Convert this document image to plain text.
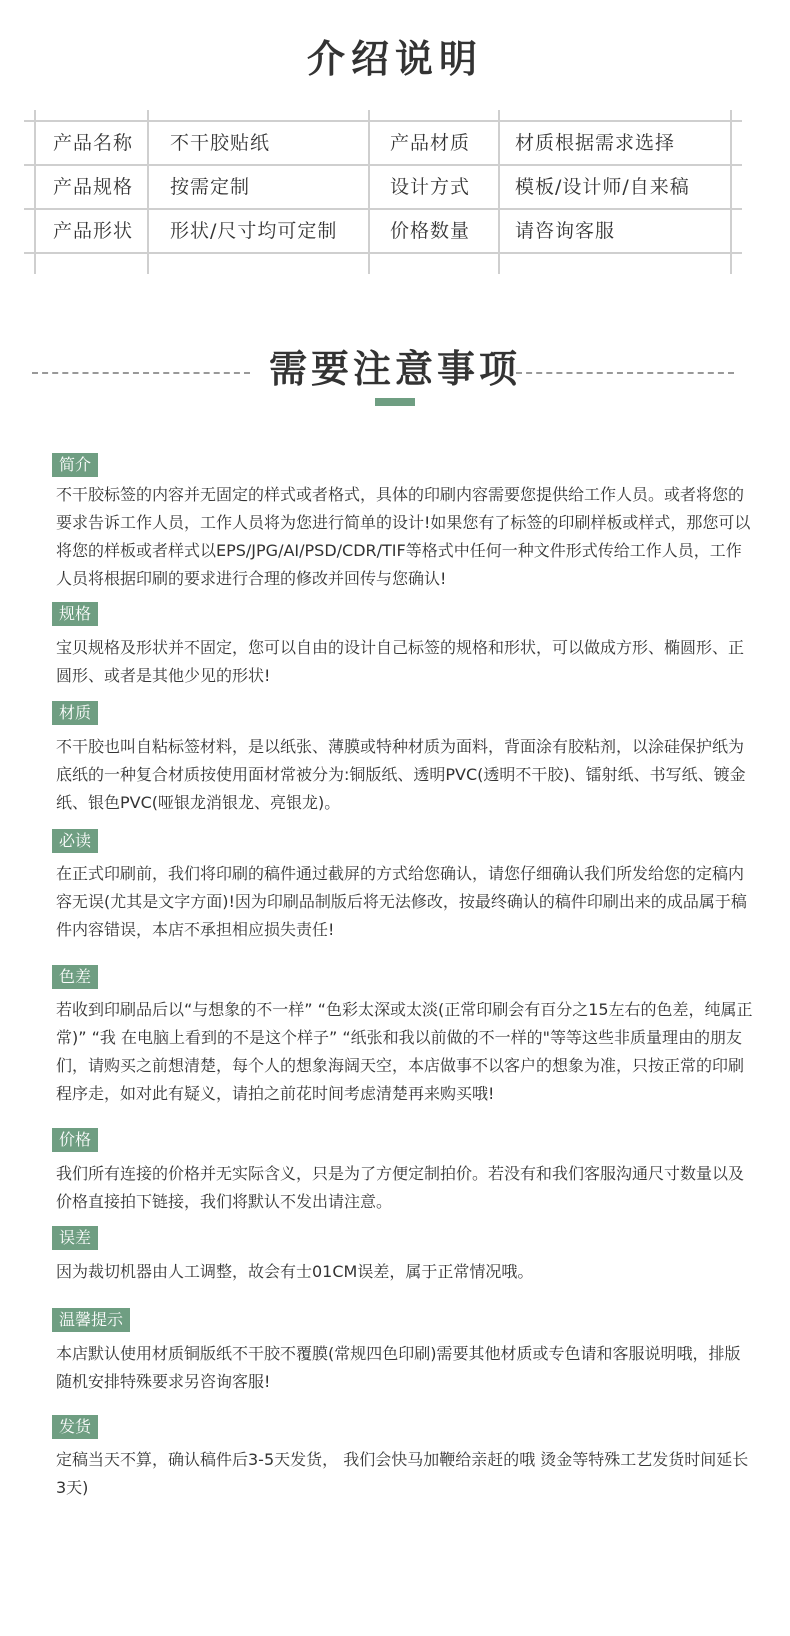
介绍说明
产品名称 不干胶贴纸	产品材质 材质根据需求选择
产品规格 按需定制	设计方式 模板/设计师/自来稿
产品形状 形状/尺寸均可定制	价格数量 请咨询客服
需要注意事项
简介

不干胶标签的内容并无固定的样式或者格式，具体的印刷内容需要您提供给工作人员。或者将您的要求告诉工作人员，工作人员将为您进行简单的设计!如果您有了标签的印刷样板或样式，那您可以将您的样板或者样式以EPS/JPG/AI/PSD/CDR/TIF等格式中任何一种文件形式传给工作人员，工作人员将根据印刷的要求进行合理的修改并回传与您确认!

规格

宝贝规格及形状并不固定，您可以自由的设计自己标签的规格和形状，可以做成方形、椭圆形、正圆形、或者是其他少见的形状!

材质

不干胶也叫自粘标签材料，是以纸张、薄膜或特种材质为面料，背面涂有胶粘剂，以涂硅保护纸为底纸的一种复合材质按使用面材常被分为:铜版纸、透明PVC(透明不干胶)、镭射纸、书写纸、镀金纸、银色PVC(哑银龙消银龙、亮银龙)。

必读

在正式印刷前，我们将印刷的稿件通过截屏的方式给您确认，请您仔细确认我们所发给您的定稿内容无误(尤其是文字方面)!因为印刷品制版后将无法修改，按最终确认的稿件印刷出来的成品属于稿件内容错误，本店不承担相应损失责任!

色差

若收到印刷品后以“与想象的不一样” “色彩太深或太淡(正常印刷会有百分之15左右的色差，纯属正常)” “我 在电脑上看到的不是这个样子” “纸张和我以前做的不一样的"等等这些非质量理由的朋友们，请购买之前想清楚，每个人的想象海阔天空，本店做事不以客户的想象为准，只按正常的印刷程序走，如对此有疑义，请拍之前花时间考虑清楚再来购买哦!

价格

我们所有连接的价格并无实际含义，只是为了方便定制拍价。若没有和我们客服沟通尺寸数量以及价格直接拍下链接，我们将默认不发出请注意。

误差

因为裁切机器由人工调整，故会有士01CM误差，属于正常情况哦。

温馨提示

本店默认使用材质铜版纸不干胶不覆膜(常规四色印刷)需要其他材质或专色请和客服说明哦，排版随机安排特殊要求另咨询客服!

发货

定稿当天不算，确认稿件后3-5天发货， 我们会快马加鞭给亲赶的哦 烫金等特殊工艺发货时间延长3天)
